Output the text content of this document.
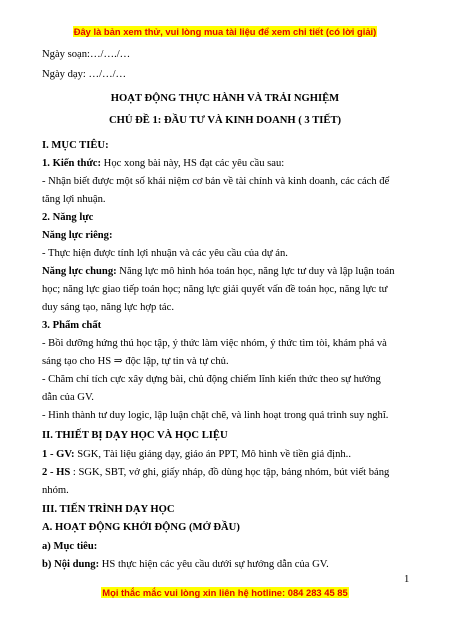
Đây là bản xem thử, vui lòng mua tài liệu để xem chi tiết (có lời giải)
Ngày soạn:…/…./…
Ngày dạy: …/…/…
HOẠT ĐỘNG THỰC HÀNH VÀ TRẢI NGHIỆM
CHỦ ĐỀ 1: ĐẦU TƯ VÀ KINH DOANH ( 3 TIẾT)
I. MỤC TIÊU:
1. Kiến thức: Học xong bài này, HS đạt các yêu cầu sau:
- Nhận biết được một số khái niệm cơ bản về tài chính và kinh doanh, các cách để
tăng lợi nhuận.
2. Năng lực
Năng lực riêng:
- Thực hiện được tính lợi nhuận và các yêu cầu của dự án.
Năng lực chung: Năng lực mô hình hóa toán học, năng lực tư duy và lập luận toán
học; năng lực giao tiếp toán học; năng lực giải quyết vấn đề toán học, năng lực tư
duy sáng tạo, năng lực hợp tác.
3. Phẩm chất
- Bồi dưỡng hứng thú học tập, ý thức làm việc nhóm, ý thức tìm tòi, khám phá và
sáng tạo cho HS ⇒ độc lập, tự tin và tự chủ.
- Chăm chỉ tích cực xây dựng bài, chủ động chiếm lĩnh kiến thức theo sự hướng
dẫn của GV.
- Hình thành tư duy logic, lập luận chặt chẽ, và linh hoạt trong quá trình suy nghĩ.
II. THIẾT BỊ DẠY HỌC VÀ HỌC LIỆU
1 - GV: SGK, Tài liệu giảng dạy, giáo án PPT, Mô hình về tiền giả định..
2 - HS : SGK, SBT, vở ghi, giấy nháp, đồ dùng học tập, bảng nhóm, bút viết bảng
nhóm.
III. TIẾN TRÌNH DẠY HỌC
A. HOẠT ĐỘNG KHỞI ĐỘNG (MỞ ĐẦU)
a) Mục tiêu:
b) Nội dung: HS thực hiện các yêu cầu dưới sự hướng dẫn của GV.
1
Mọi thắc mắc vui lòng xin liên hệ hotline: 084 283 45 85
